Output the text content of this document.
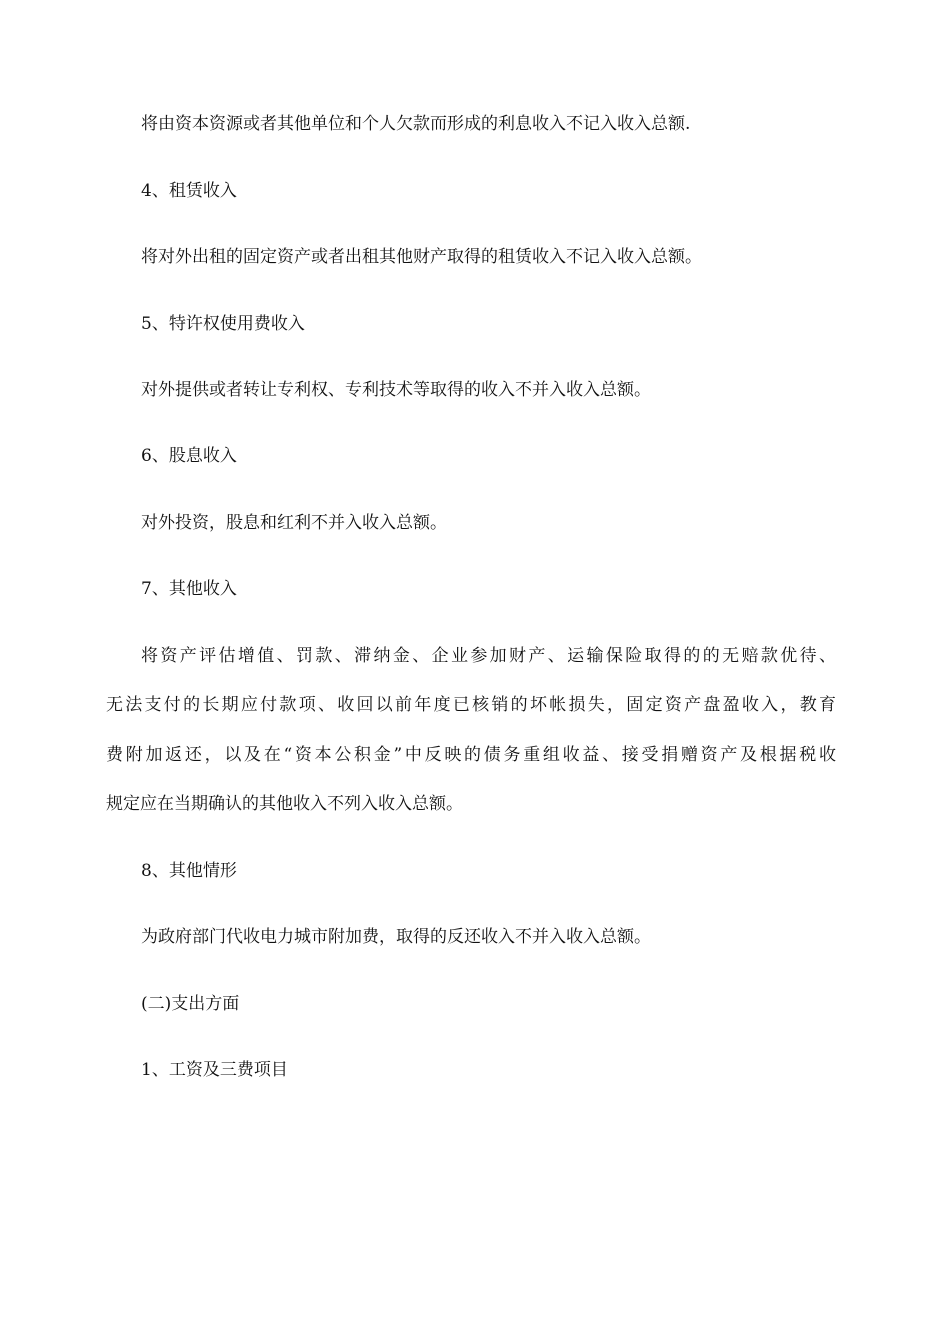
将由资本资源或者其他单位和个人欠款而形成的利息收入不记入收入总额.
4、租赁收入
将对外出租的固定资产或者出租其他财产取得的租赁收入不记入收入总额。
5、特许权使用费收入
对外提供或者转让专利权、专利技术等取得的收入不并入收入总额。
6、股息收入
对外投资，股息和红利不并入收入总额。
7、其他收入
将资产评估增值、罚款、滞纳金、企业参加财产、运输保险取得的的无赔款优待、
无法支付的长期应付款项、收回以前年度已核销的坏帐损失，固定资产盘盈收入，教育
费附加返还，以及在“资本公积金”中反映的债务重组收益、接受捐赠资产及根据税收
规定应在当期确认的其他收入不列入收入总额。
8、其他情形
为政府部门代收电力城市附加费，取得的反还收入不并入收入总额。
(二)支出方面
1、工资及三费项目
